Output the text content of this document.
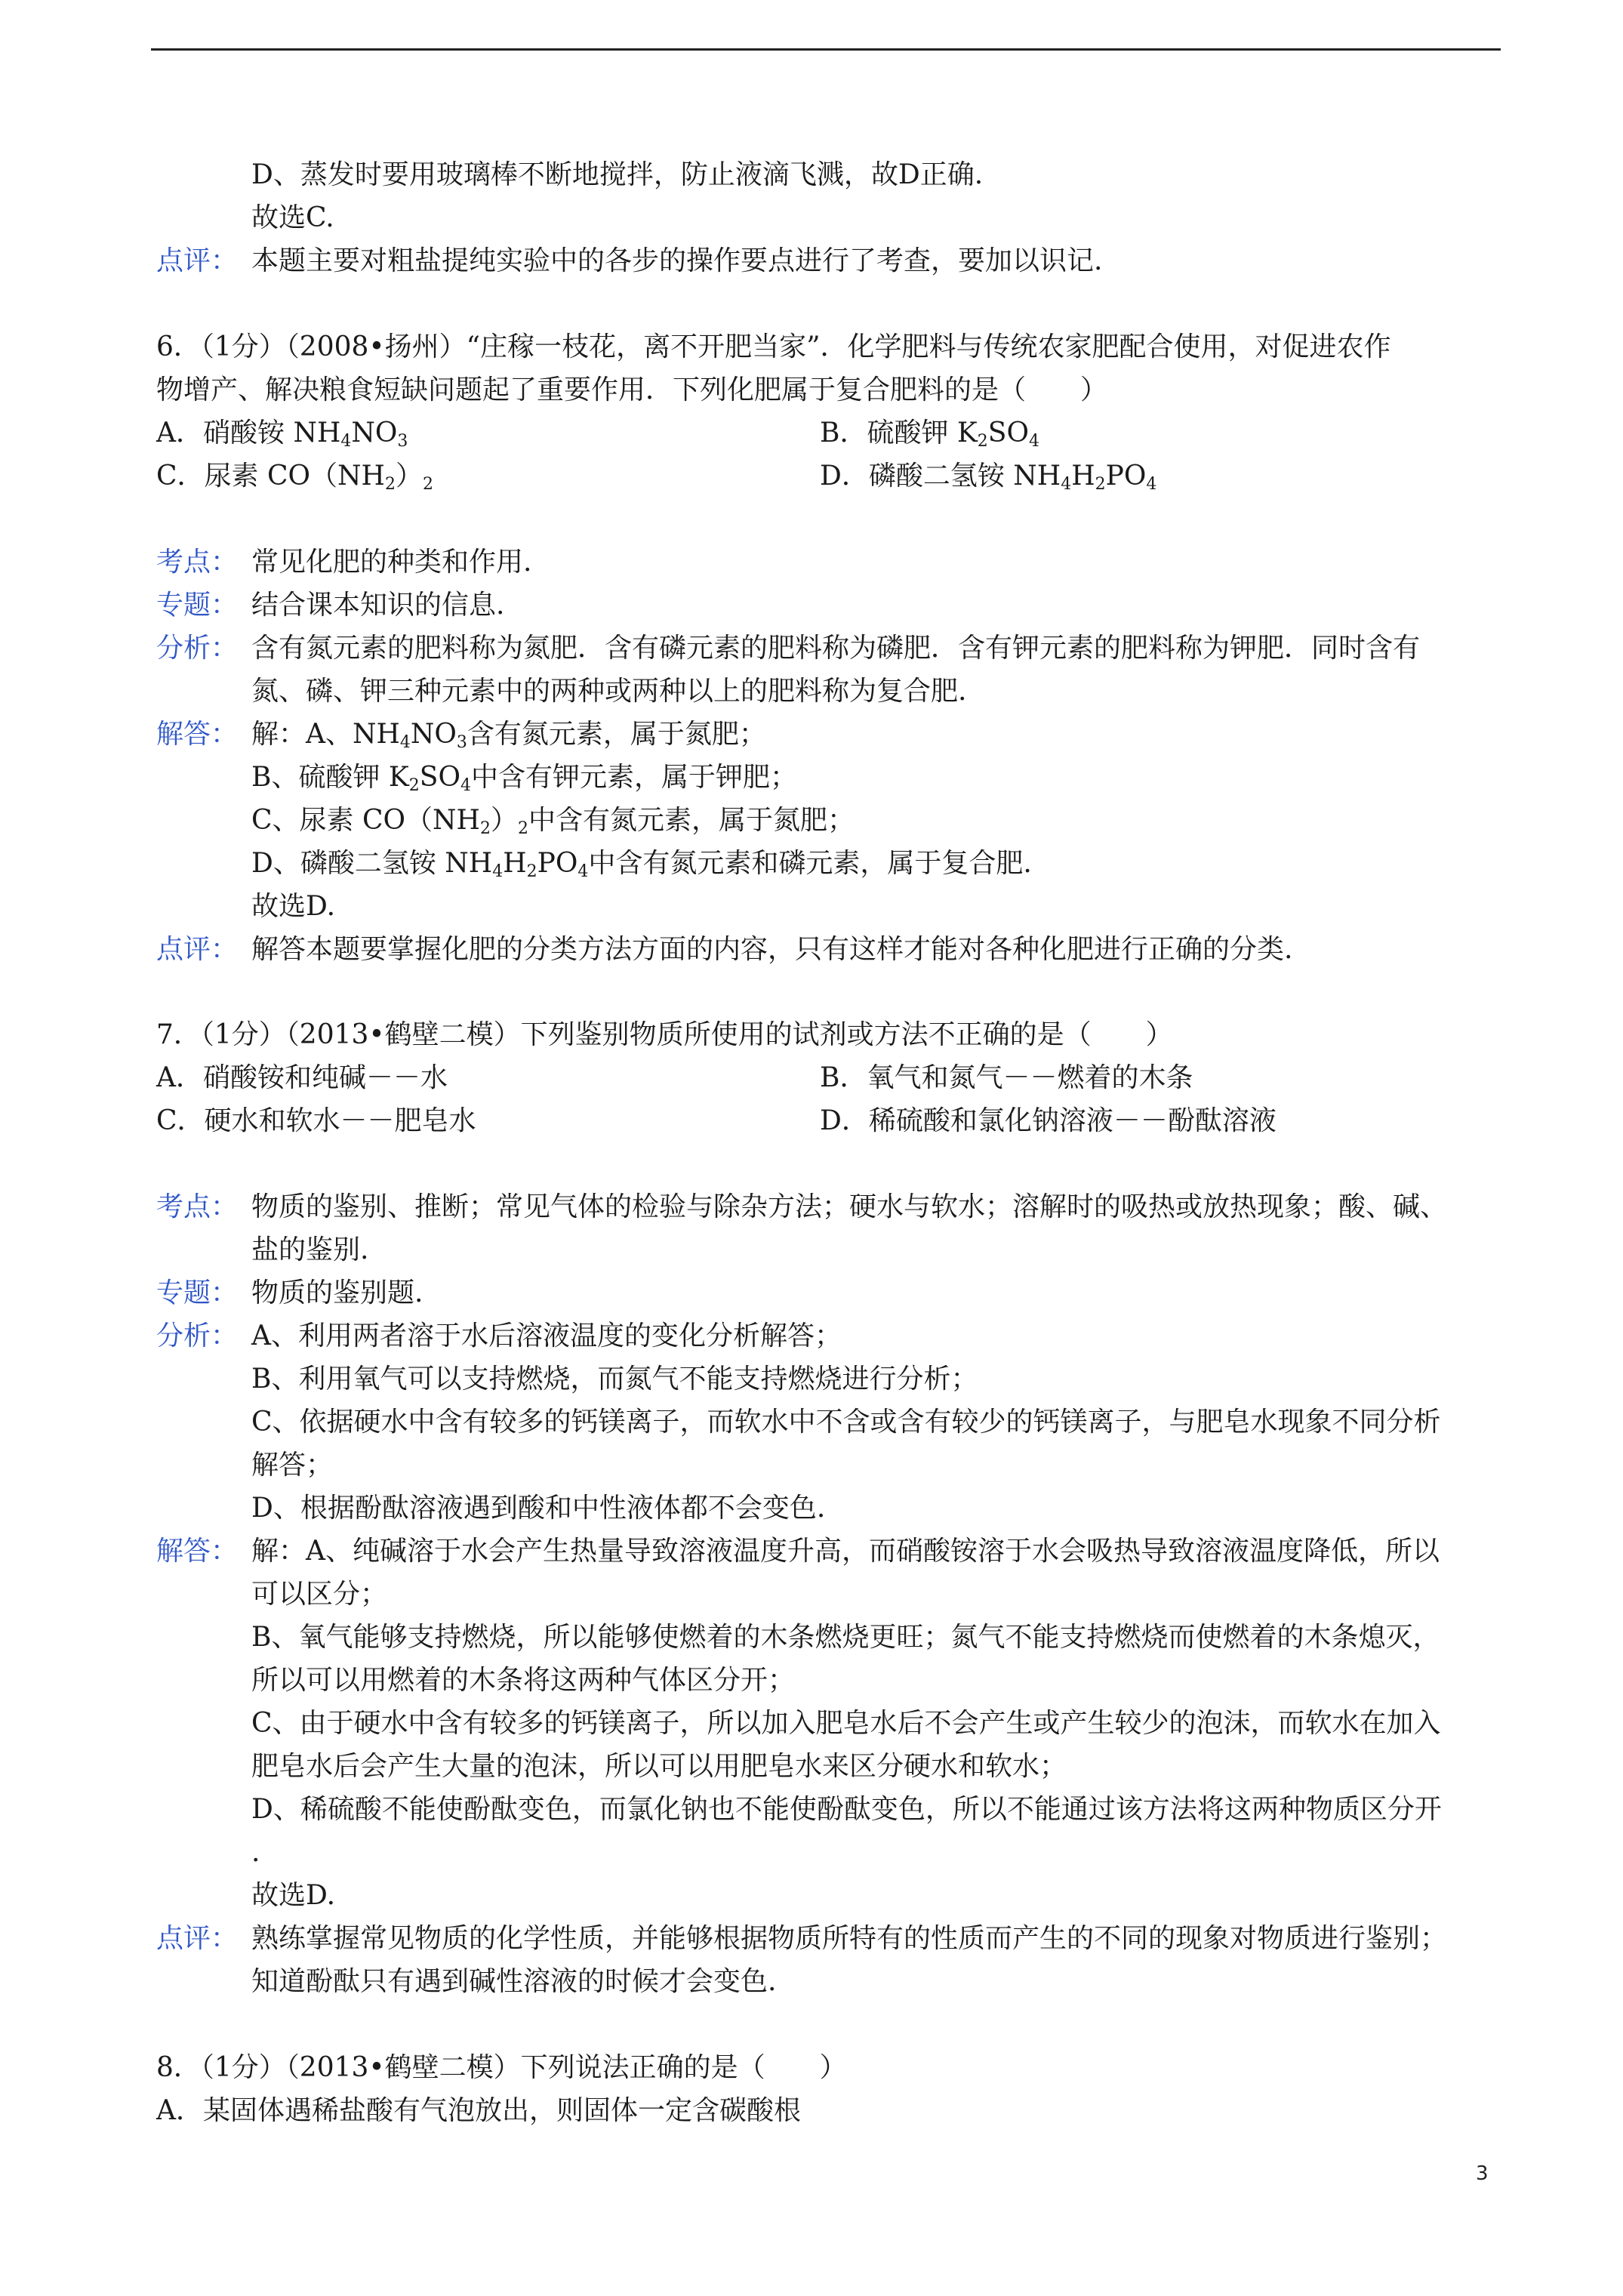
D、蒸发时要用玻璃棒不断地搅拌，防止液滴飞溅，故D正确.
故选C.
点评： 本题主要对粗盐提纯实验中的各步的操作要点进行了考查，要加以识记.
6．（1分）（2008•扬州）“庄稼一枝花，离不开肥当家”．化学肥料与传统农家肥配合使用，对促进农作
物增产、解决粮食短缺问题起了重要作用．下列化肥属于复合肥料的是（　　）
A．硝酸铵 $NH_4NO_3$	B．硫酸钾 $K_2SO_4$
C．尿素 $CO(NH_2)_2$	D．磷酸二氢铵 $NH_4H_2PO_4$
考点： 常见化肥的种类和作用.
专题： 结合课本知识的信息.
分析： 含有氮元素的肥料称为氮肥．含有磷元素的肥料称为磷肥．含有钾元素的肥料称为钾肥．同时含有
氮、磷、钾三种元素中的两种或两种以上的肥料称为复合肥.
解答： 解：A、$NH_4NO_3$含有氮元素，属于氮肥；
B、硫酸钾 $K_2SO_4$中含有钾元素，属于钾肥；
C、尿素 $CO(NH_2)_2$中含有氮元素，属于氮肥；
D、磷酸二氢铵 $NH_4H_2PO_4$中含有氮元素和磷元素，属于复合肥.
故选D.
点评： 解答本题要掌握化肥的分类方法方面的内容，只有这样才能对各种化肥进行正确的分类.
7．（1分）（2013•鹤壁二模）下列鉴别物质所使用的试剂或方法不正确的是（　　）
A．硝酸铵和纯碱－－水	B．氧气和氮气－－燃着的木条
C．硬水和软水－－肥皂水	D．稀硫酸和氯化钠溶液－－酚酞溶液
考点： 物质的鉴别、推断；常见气体的检验与除杂方法；硬水与软水；溶解时的吸热或放热现象；酸、碱、
盐的鉴别.
专题： 物质的鉴别题.
分析： A、利用两者溶于水后溶液温度的变化分析解答；
B、利用氧气可以支持燃烧，而氮气不能支持燃烧进行分析；
C、依据硬水中含有较多的钙镁离子，而软水中不含或含有较少的钙镁离子，与肥皂水现象不同分析
解答；
D、根据酚酞溶液遇到酸和中性液体都不会变色.
解答： 解：A、纯碱溶于水会产生热量导致溶液温度升高，而硝酸铵溶于水会吸热导致溶液温度降低，所以
可以区分；
B、氧气能够支持燃烧，所以能够使燃着的木条燃烧更旺；氮气不能支持燃烧而使燃着的木条熄灭，
所以可以用燃着的木条将这两种气体区分开；
C、由于硬水中含有较多的钙镁离子，所以加入肥皂水后不会产生或产生较少的泡沫，而软水在加入
肥皂水后会产生大量的泡沫，所以可以用肥皂水来区分硬水和软水；
D、稀硫酸不能使酚酞变色，而氯化钠也不能使酚酞变色，所以不能通过该方法将这两种物质区分开
.
故选D.
点评： 熟练掌握常见物质的化学性质，并能够根据物质所特有的性质而产生的不同的现象对物质进行鉴别；
知道酚酞只有遇到碱性溶液的时候才会变色.
8．（1分）（2013•鹤壁二模）下列说法正确的是（　　）
A．某固体遇稀盐酸有气泡放出，则固体一定含碳酸根
3
